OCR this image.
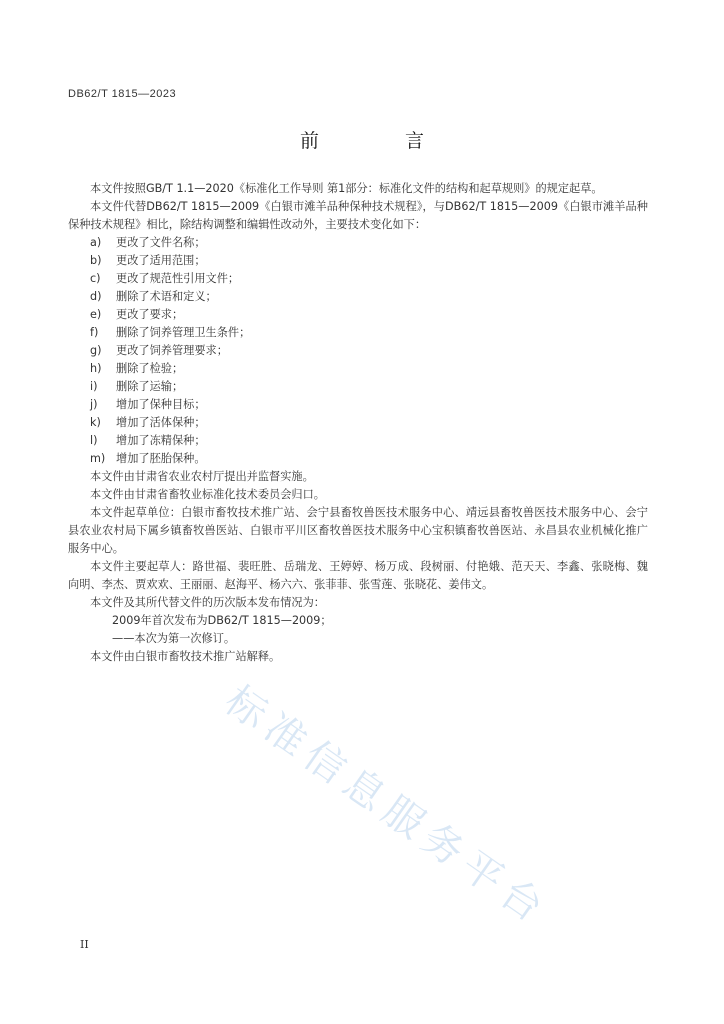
DB62/T 1815—2023
前 言

本文件按照GB/T 1.1—2020《标准化工作导则 第1部分：标准化文件的结构和起草规则》的规定起草。

本文件代替DB62/T 1815—2009《白银市滩羊品种保种技术规程》，与DB62/T 1815—2009《白银市滩羊品种保种技术规程》相比，除结构调整和编辑性改动外，主要技术变化如下：

a) 更改了文件名称；
b) 更改了适用范围；
c) 更改了规范性引用文件；
d) 删除了术语和定义；
e) 更改了要求；
f) 删除了饲养管理卫生条件；
g) 更改了饲养管理要求；
h) 删除了检验；
i) 删除了运输；
j) 增加了保种目标；
k) 增加了活体保种；
l) 增加了冻精保种；
m) 增加了胚胎保种。

本文件由甘肃省农业农村厅提出并监督实施。

本文件由甘肃省畜牧业标准化技术委员会归口。

本文件起草单位：白银市畜牧技术推广站、会宁县畜牧兽医技术服务中心、靖远县畜牧兽医技术服务中心、会宁县农业农村局下属乡镇畜牧兽医站、白银市平川区畜牧兽医技术服务中心宝积镇畜牧兽医站、永昌县农业机械化推广服务中心。

本文件主要起草人：路世福、裴旺胜、岳瑞龙、王婷婷、杨万成、段树丽、付艳娥、范天天、李鑫、张晓梅、魏向明、李杰、贾欢欢、王丽丽、赵海平、杨六六、张菲菲、张雪莲、张晓花、姜伟文。

本文件及其所代替文件的历次版本发布情况为：

2009年首次发布为DB62/T 1815—2009；

——本次为第一次修订。

本文件由白银市畜牧技术推广站解释。

II
标准信息服务平台
